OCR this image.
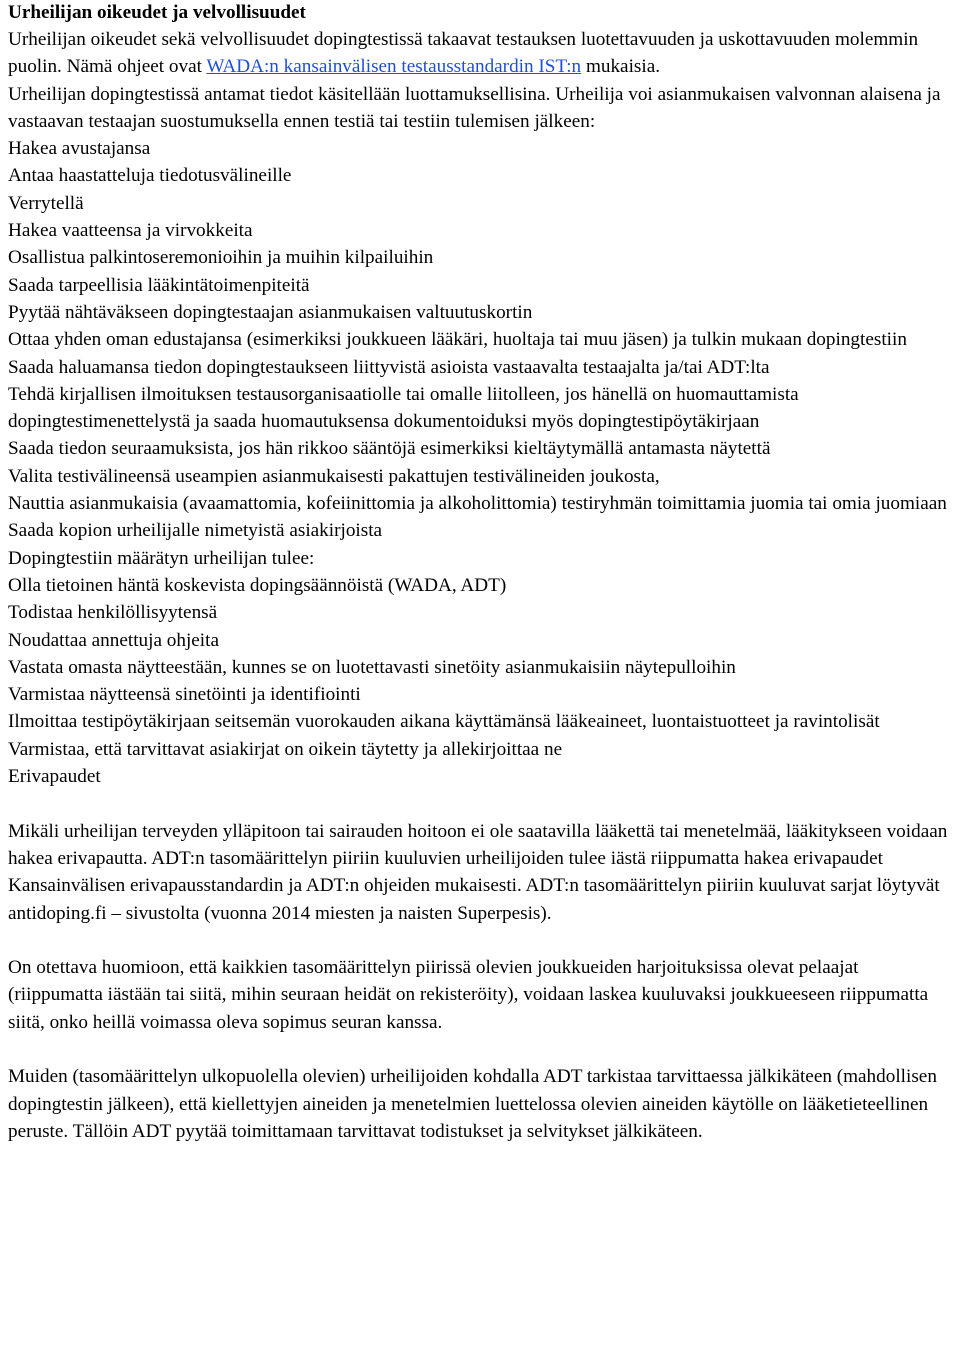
Urheilijan oikeudet ja velvollisuudet

Urheilijan oikeudet sekä velvollisuudet dopingtestissä takaavat testauksen luotettavuuden ja uskottavuuden molemmin puolin. Nämä ohjeet ovat WADA:n kansainvälisen testausstandardin IST:n mukaisia.

Urheilijan dopingtestissä antamat tiedot käsitellään luottamuksellisina. Urheilija voi asianmukaisen valvonnan alaisena ja vastaavan testaajan suostumuksella ennen testiä tai testiin tulemisen jälkeen:

Hakea avustajansa
Antaa haastatteluja tiedotusvälineille
Verrytellä
Hakea vaatteensa ja virvokkeita
Osallistua palkintoseremonioihin ja muihin kilpailuihin
Saada tarpeellisia lääkintätoimenpiteitä
Pyytää nähtäväkseen dopingtestaajan asianmukaisen valtuutuskortin
Ottaa yhden oman edustajansa (esimerkiksi joukkueen lääkäri, huoltaja tai muu jäsen) ja tulkin mukaan dopingtestiin
Saada haluamansa tiedon dopingtestaukseen liittyvistä asioista vastaavalta testaajalta ja/tai ADT:lta
Tehdä kirjallisen ilmoituksen testausorganisaatiolle tai omalle liitolleen, jos hänellä on huomauttamista dopingtestimenettelystä ja saada huomautuksensa dokumentoiduksi myös dopingtestipöytäkirjaan
Saada tiedon seuraamuksista, jos hän rikkoo sääntöjä esimerkiksi kieltäytymällä antamasta näytettä
Valita testivälineensä useampien asianmukaisesti pakattujen testivälineiden joukosta,
Nauttia asianmukaisia (avaamattomia, kofeiinittomia ja alkoholittomia) testiryhmän toimittamia juomia tai omia juomiaan
Saada kopion urheilijalle nimetyistä asiakirjoista
Dopingtestiin määrätyn urheilijan tulee:
Olla tietoinen häntä koskevista dopingsäännöistä (WADA, ADT)
Todistaa henkilöllisyytensä
Noudattaa annettuja ohjeita
Vastata omasta näytteestään, kunnes se on luotettavasti sinetöity asianmukaisiin näytepulloihin
Varmistaa näytteensä sinetöinti ja identifiointi
Ilmoittaa testipöytäkirjaan seitsemän vuorokauden aikana käyttämänsä lääkeaineet, luontaistuotteet ja ravintolisät
Varmistaa, että tarvittavat asiakirjat on oikein täytetty ja allekirjoittaa ne
Erivapaudet

Mikäli urheilijan terveyden ylläpitoon tai sairauden hoitoon ei ole saatavilla lääkettä tai menetelmää, lääkitykseen voidaan hakea erivapautta. ADT:n tasomäärittelyn piiriin kuuluvien urheilijoiden tulee iästä riippumatta hakea erivapaudet Kansainvälisen erivapausstandardin ja ADT:n ohjeiden mukaisesti. ADT:n tasomäärittelyn piiriin kuuluvat sarjat löytyvät antidoping.fi – sivustolta (vuonna 2014 miesten ja naisten Superpesis).

On otettava huomioon, että kaikkien tasomäärittelyn piirissä olevien joukkueiden harjoituksissa olevat pelaajat (riippumatta iästään tai siitä, mihin seuraan heidät on rekisteröity), voidaan laskea kuuluvaksi joukkueeseen riippumatta siitä, onko heillä voimassa oleva sopimus seuran kanssa.

Muiden (tasomäärittelyn ulkopuolella olevien) urheilijoiden kohdalla ADT tarkistaa tarvittaessa jälkikäteen (mahdollisen dopingtestin jälkeen), että kiellettyjen aineiden ja menetelmien luettelossa olevien aineiden käytölle on lääketieteellinen peruste. Tällöin ADT pyytää toimittamaan tarvittavat todistukset ja selvitykset jälkikäteen.
